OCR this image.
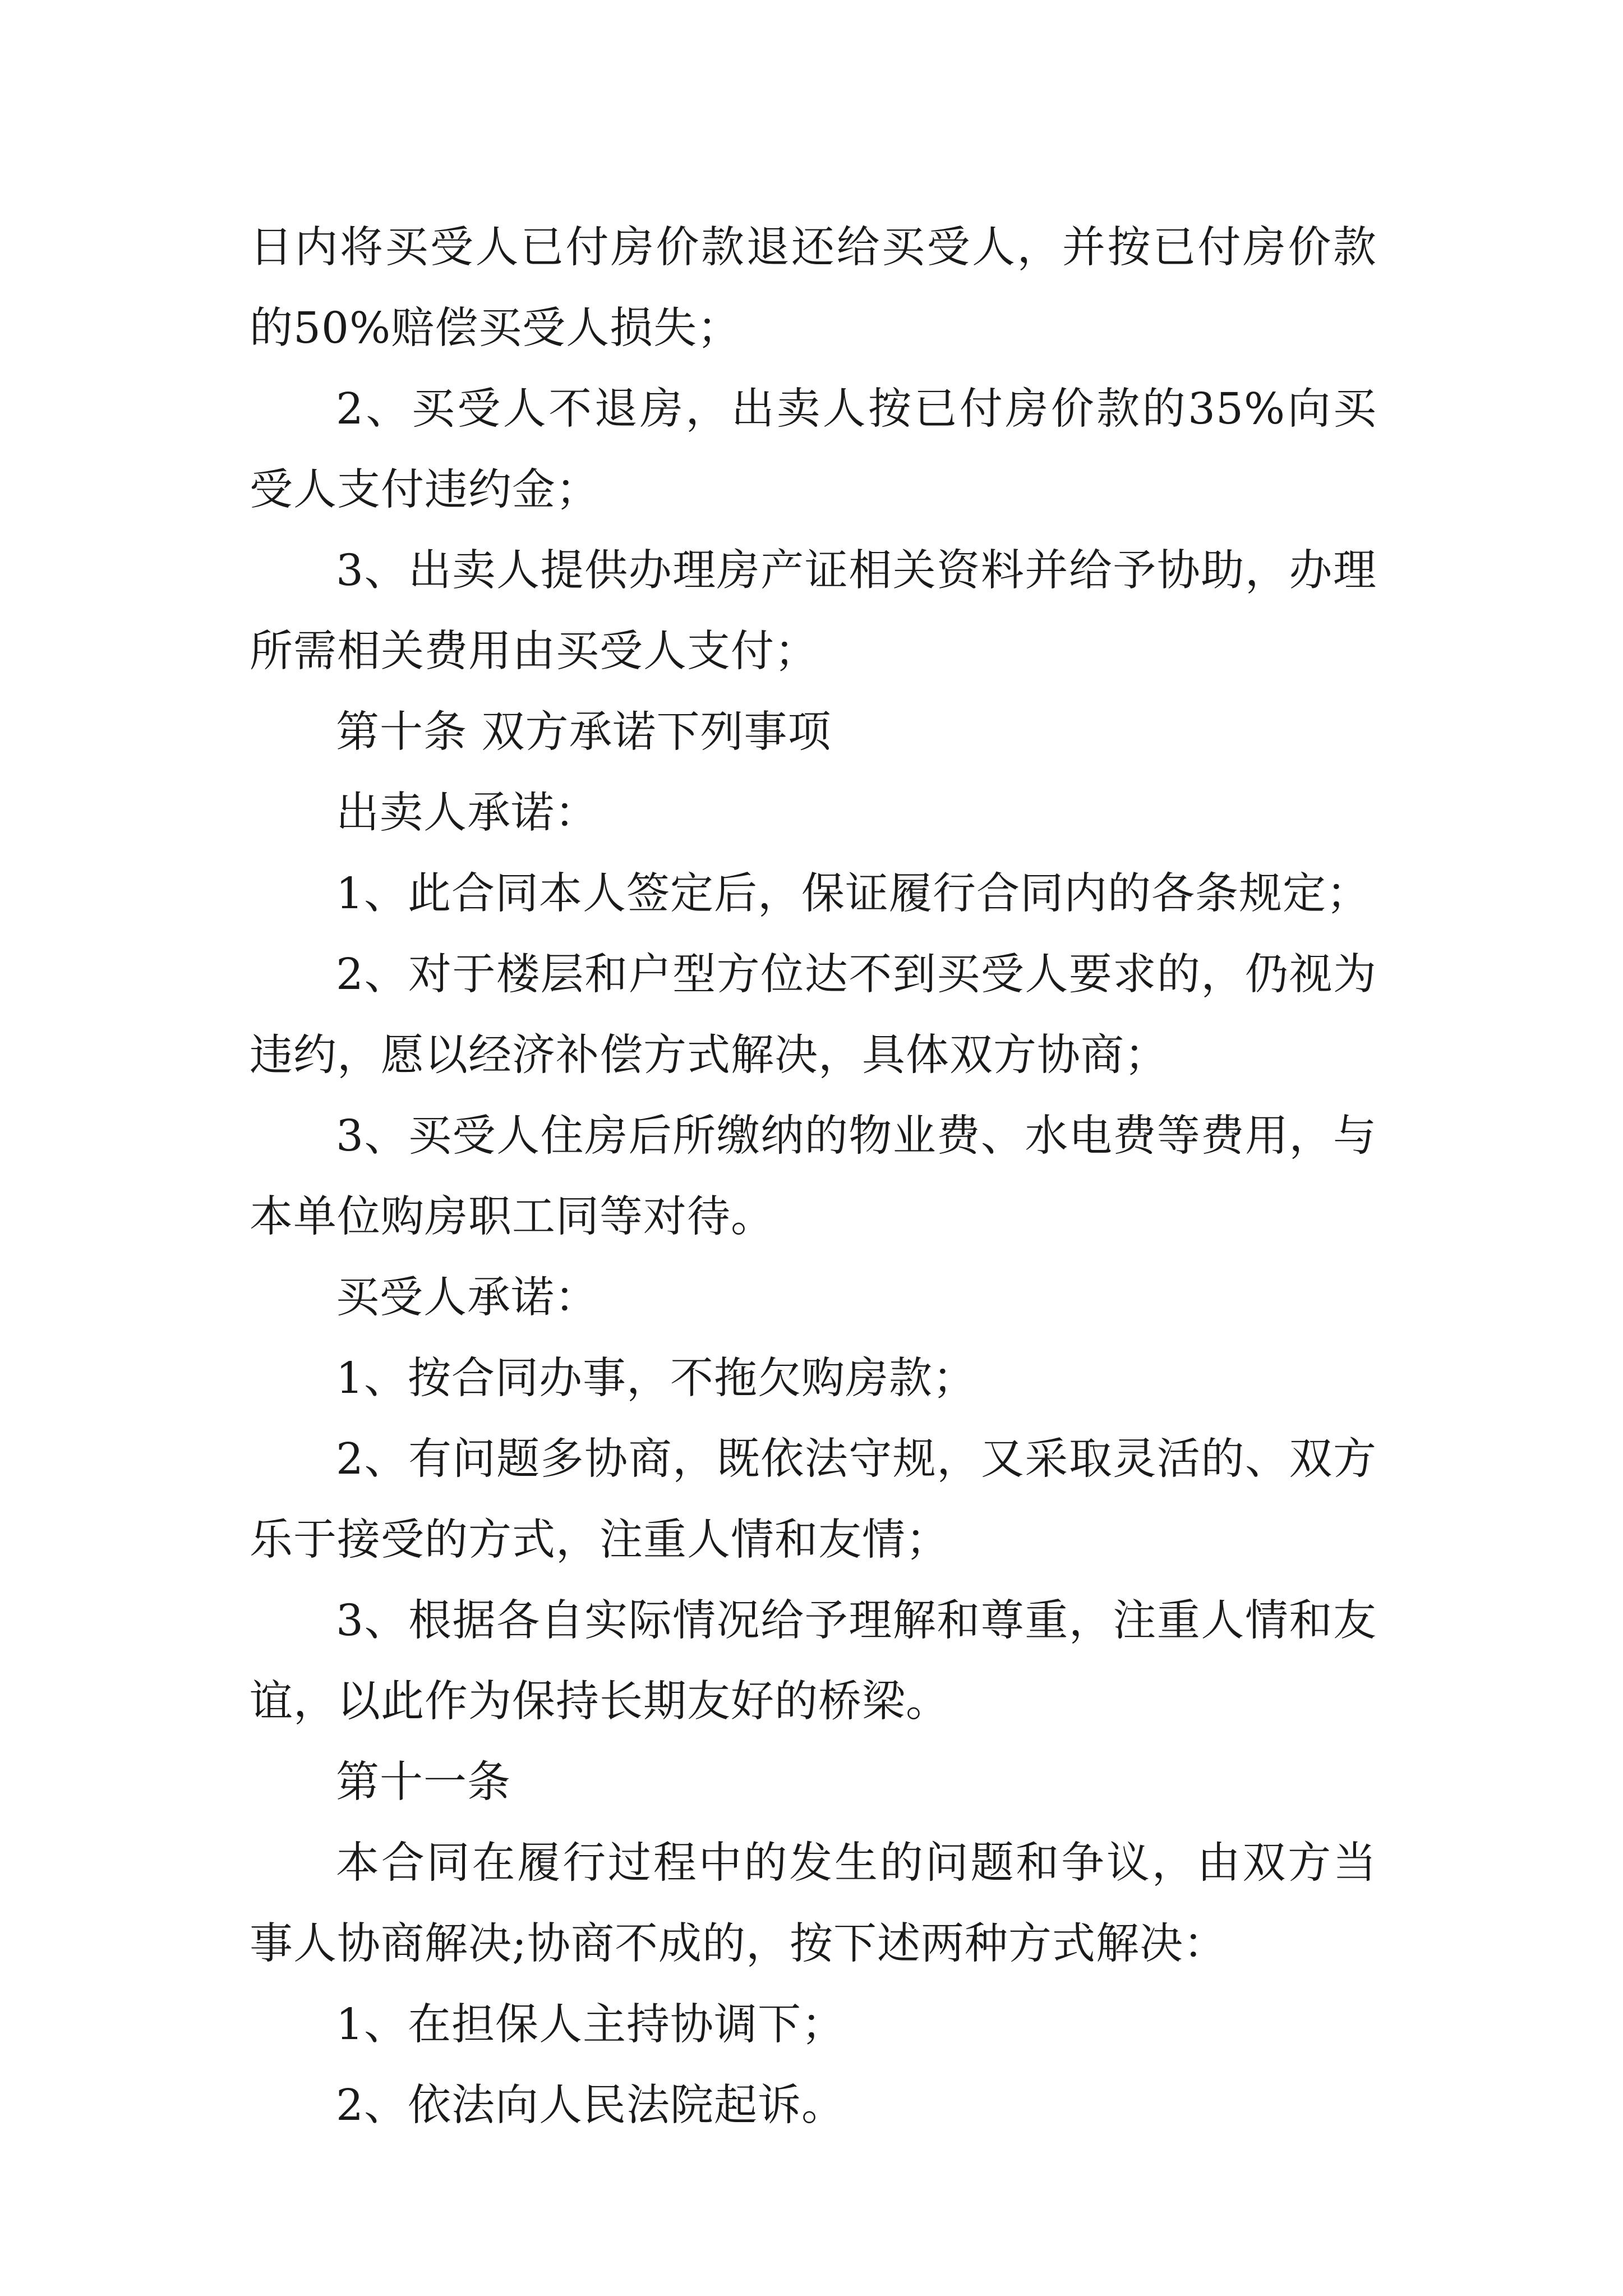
日内将买受人已付房价款退还给买受人，并按已付房价款的50%赔偿买受人损失；

2、买受人不退房，出卖人按已付房价款的35%向买受人支付违约金；

3、出卖人提供办理房产证相关资料并给予协助，办理所需相关费用由买受人支付；

第十条 双方承诺下列事项

出卖人承诺：

1、此合同本人签定后，保证履行合同内的各条规定；

2、对于楼层和户型方位达不到买受人要求的，仍视为违约，愿以经济补偿方式解决，具体双方协商；

3、买受人住房后所缴纳的物业费、水电费等费用，与本单位购房职工同等对待。

买受人承诺：

1、按合同办事，不拖欠购房款；

2、有问题多协商，既依法守规，又采取灵活的、双方乐于接受的方式，注重人情和友情；

3、根据各自实际情况给予理解和尊重，注重人情和友谊，以此作为保持长期友好的桥梁。

第十一条

本合同在履行过程中的发生的问题和争议，由双方当事人协商解决;协商不成的，按下述两种方式解决：

1、在担保人主持协调下；

2、依法向人民法院起诉。
